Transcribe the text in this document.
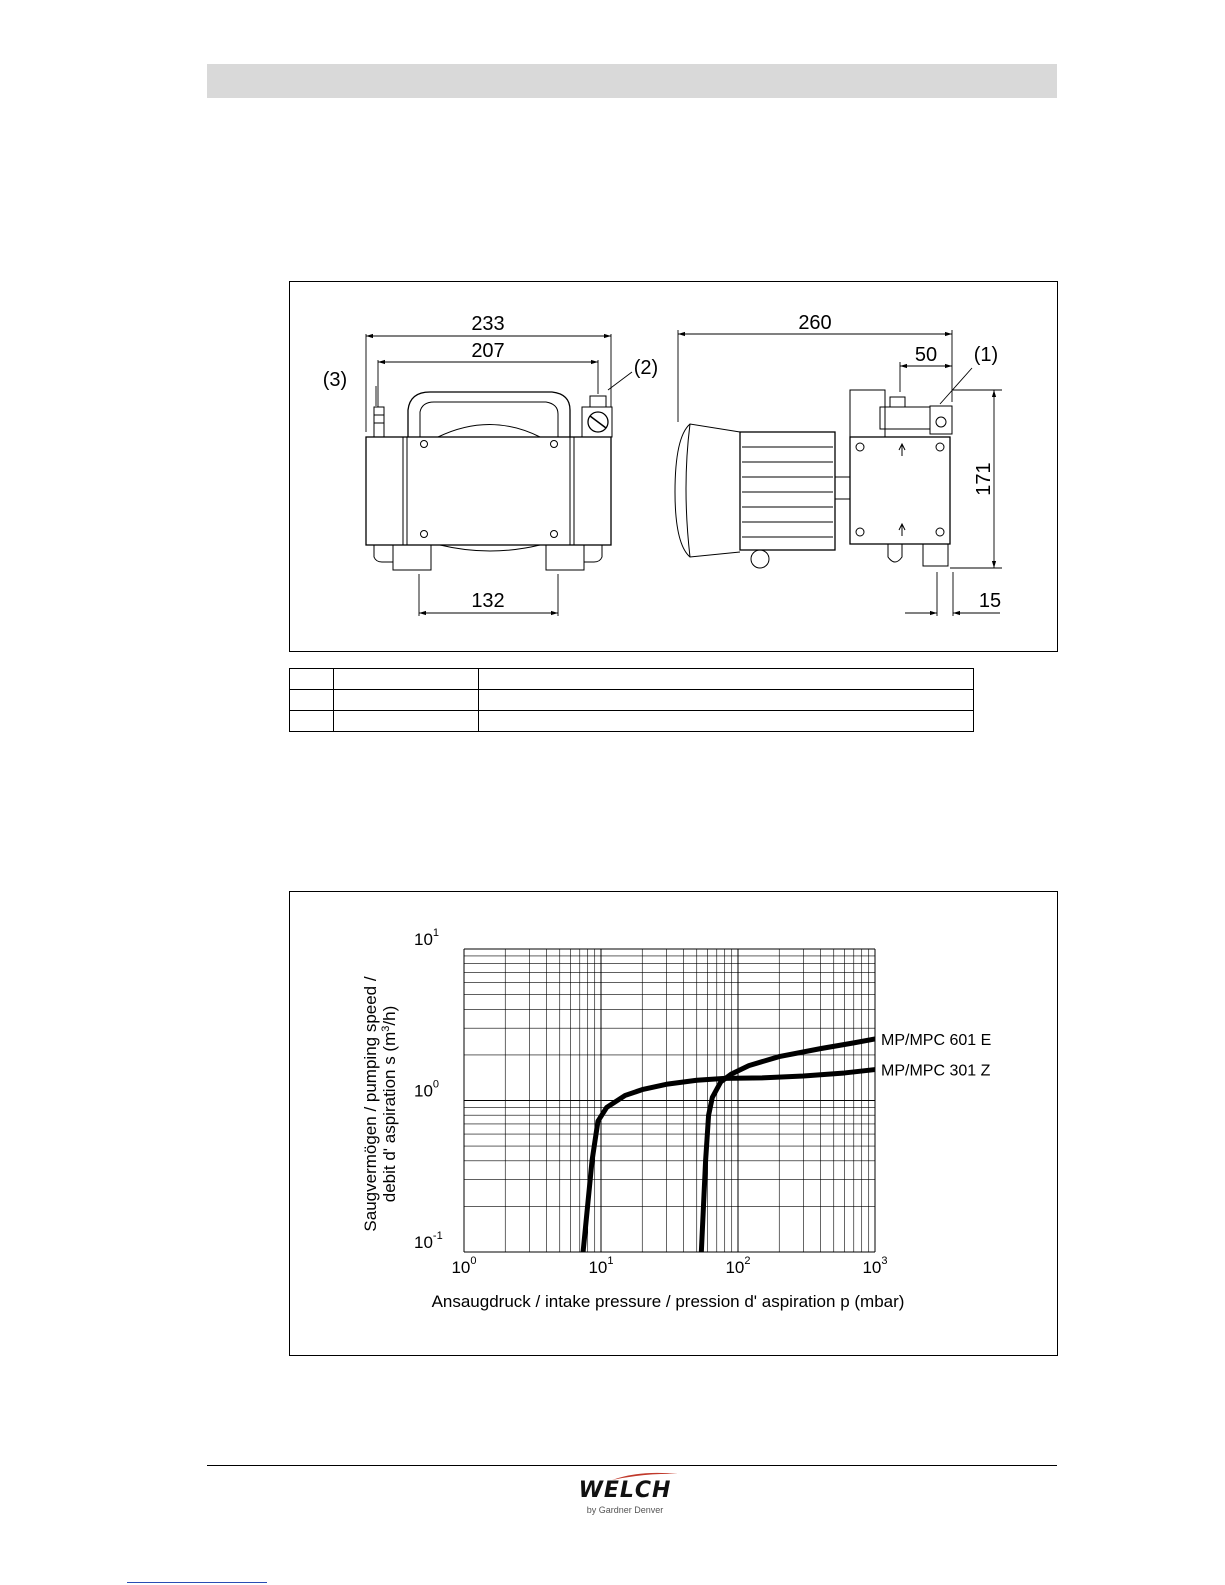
233
207
132
260
50
15
171
(1)
(2)
(3)

MP/MPC 301 Z
MP/MPC 601 E
$10^0$	$10^1$	$10^2$	$10^3$
$10^{-1}$
$10^0$
$10^1$
Ansaugdruck / intake pressure / pression d' aspiration p (mbar)
Saugvermögen / pumping speed / debit d' aspiration s $(m^3/h)$
WELCH
by Gardner Denver
